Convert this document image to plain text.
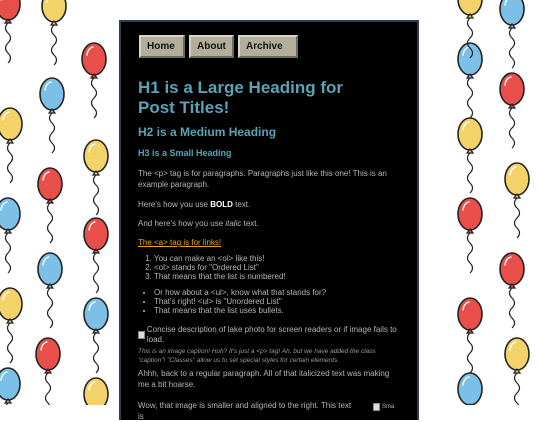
Home	About	Archive
H1 is a Large Heading for Post Titles!
H2 is a Medium Heading
H3 is a Small Heading

The <p> tag is for paragraphs. Paragraphs just like this one! This is an example paragraph.

Here's how you use BOLD text.

And here's how you use italic text.

The <a> tag is for links!
1. You can make an <ol> like this!
2. <ol> stands for "Ordered List"
3. That means that the list is numbered!
• Or how about a <ul>, know what that stands for?
• That's right! <ul> is "Unordered List"
• That means that the list uses bullets.
Concise description of lake photo for screen readers or if image fails to load.

This is an image caption! Huh? It's just a <p> tag! Ah, but we have added the class "caption"! "Classes" allow us to set special styles for certain elements.

Ahhh, back to a regular paragraph. All of that italicized text was making me a bit hoarse.

Wow, that image is smaller and aligned to the right. This text is

Sma
